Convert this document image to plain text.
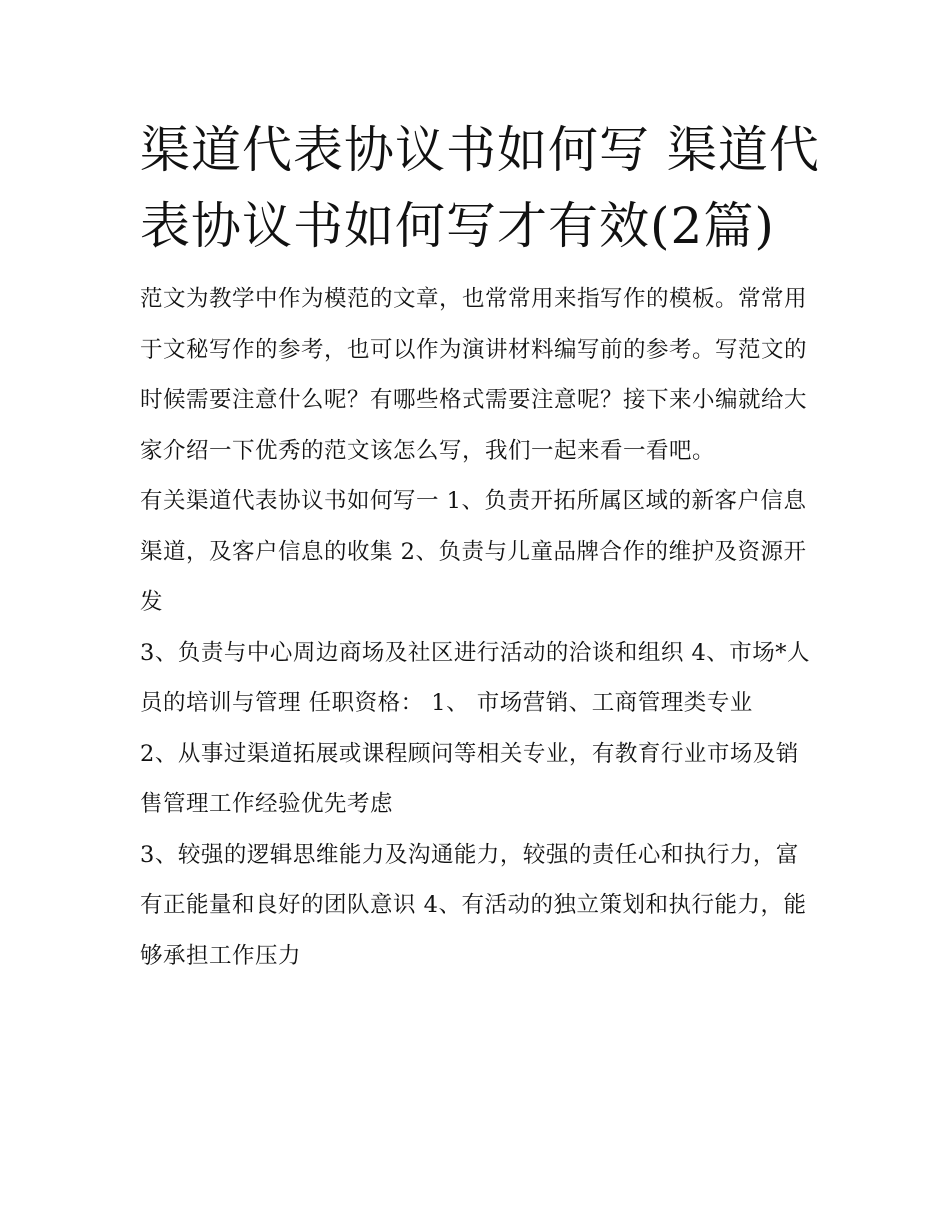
渠道代表协议书如何写 渠道代表协议书如何写才有效(2篇)

范文为教学中作为模范的文章，也常常用来指写作的模板。常常用于文秘写作的参考，也可以作为演讲材料编写前的参考。写范文的时候需要注意什么呢？有哪些格式需要注意呢？接下来小编就给大家介绍一下优秀的范文该怎么写，我们一起来看一看吧。

有关渠道代表协议书如何写一 1、负责开拓所属区域的新客户信息渠道，及客户信息的收集 2、负责与儿童品牌合作的维护及资源开发

3、负责与中心周边商场及社区进行活动的洽谈和组织 4、市场*人员的培训与管理 任职资格： 1、 市场营销、工商管理类专业

2、从事过渠道拓展或课程顾问等相关专业，有教育行业市场及销售管理工作经验优先考虑

3、较强的逻辑思维能力及沟通能力，较强的责任心和执行力，富有正能量和良好的团队意识 4、有活动的独立策划和执行能力，能够承担工作压力
